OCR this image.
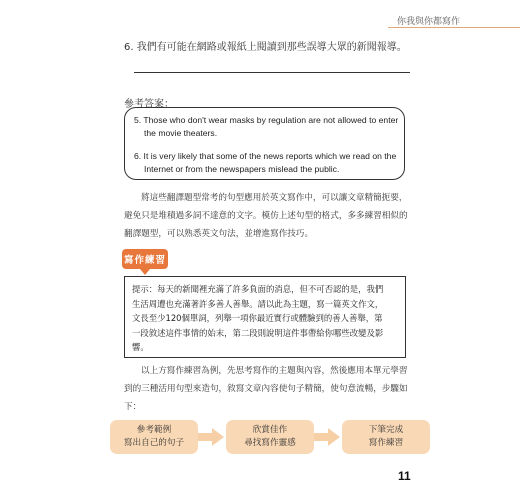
你我與你都寫作
6. 我們有可能在網路或報紙上閱讀到那些誤導大眾的新聞報導。
參考答案：
5. Those who don't wear masks by regulation are not allowed to enter
the movie theaters.
6. It is very likely that some of the news reports which we read on the
Internet or from the newspapers mislead the public.
將這些翻譯題型常考的句型應用於英文寫作中，可以讓文章精簡扼要，
避免只是堆積過多詞不達意的文字。模仿上述句型的格式，多多練習相似的
翻譯題型，可以熟悉英文句法，並增進寫作技巧。
寫作練習
提示：每天的新聞裡充滿了許多負面的消息，但不可否認的是，我們
生活周遭也充滿著許多善人善舉。請以此為主題，寫一篇英文作文，
文長至少120個單詞，列舉一項你最近實行或體驗到的善人善舉，第
一段敘述這件事情的始末，第二段則說明這件事帶給你哪些改變及影
響。
以上方寫作練習為例，先思考寫作的主題與內容，然後應用本單元學習
到的三種活用句型來造句，敘寫文章內容使句子精簡，使句意流暢，步驟如
下：
參考範例
寫出自己的句子
欣賞佳作
尋找寫作靈感
下筆完成
寫作練習
11
